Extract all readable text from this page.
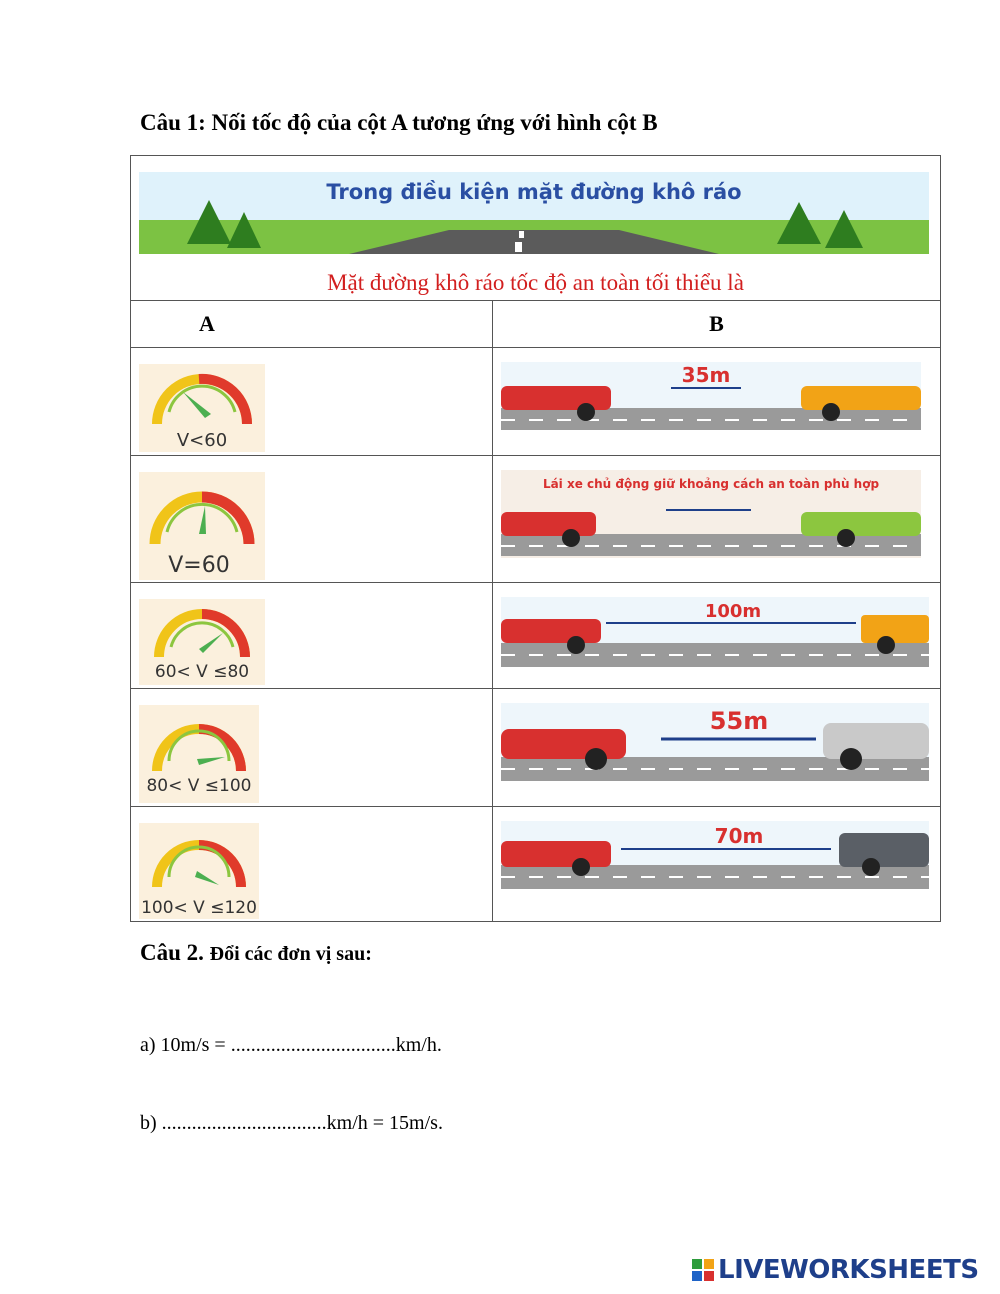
Câu 1: Nối tốc độ của cột A tương ứng với hình cột B
Trong điều kiện mặt đường khô ráo
Mặt đường khô ráo tốc độ an toàn tối thiểu là	

A	B

V<60	35m

V=60	Lái xe chủ động giữ khoảng cách an toàn phù hợp

60< V ≤80	100m

80< V ≤100	55m

100< V ≤120	70m
Câu 2. Đổi các đơn vị sau:
a) 10m/s = .................................km/h.
b) .................................km/h = 15m/s.
LIVEWORKSHEETS
